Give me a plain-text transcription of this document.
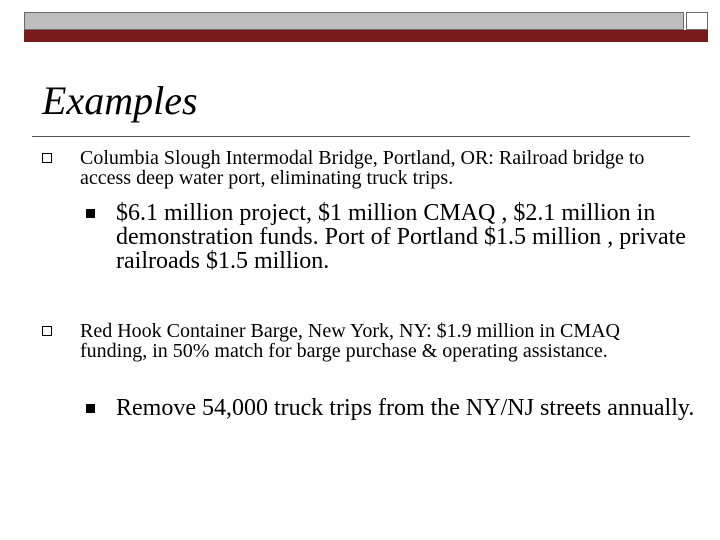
Examples

Columbia Slough Intermodal Bridge, Portland, OR: Railroad bridge to access deep water port, eliminating truck trips.

$6.1 million project, $1 million CMAQ , $2.1 million in demonstration funds. Port of Portland $1.5 million , private railroads $1.5 million.

Red Hook Container Barge, New York, NY: $1.9 million in CMAQ funding, in 50% match for barge purchase & operating assistance.

Remove 54,000 truck trips from the NY/NJ streets annually.
